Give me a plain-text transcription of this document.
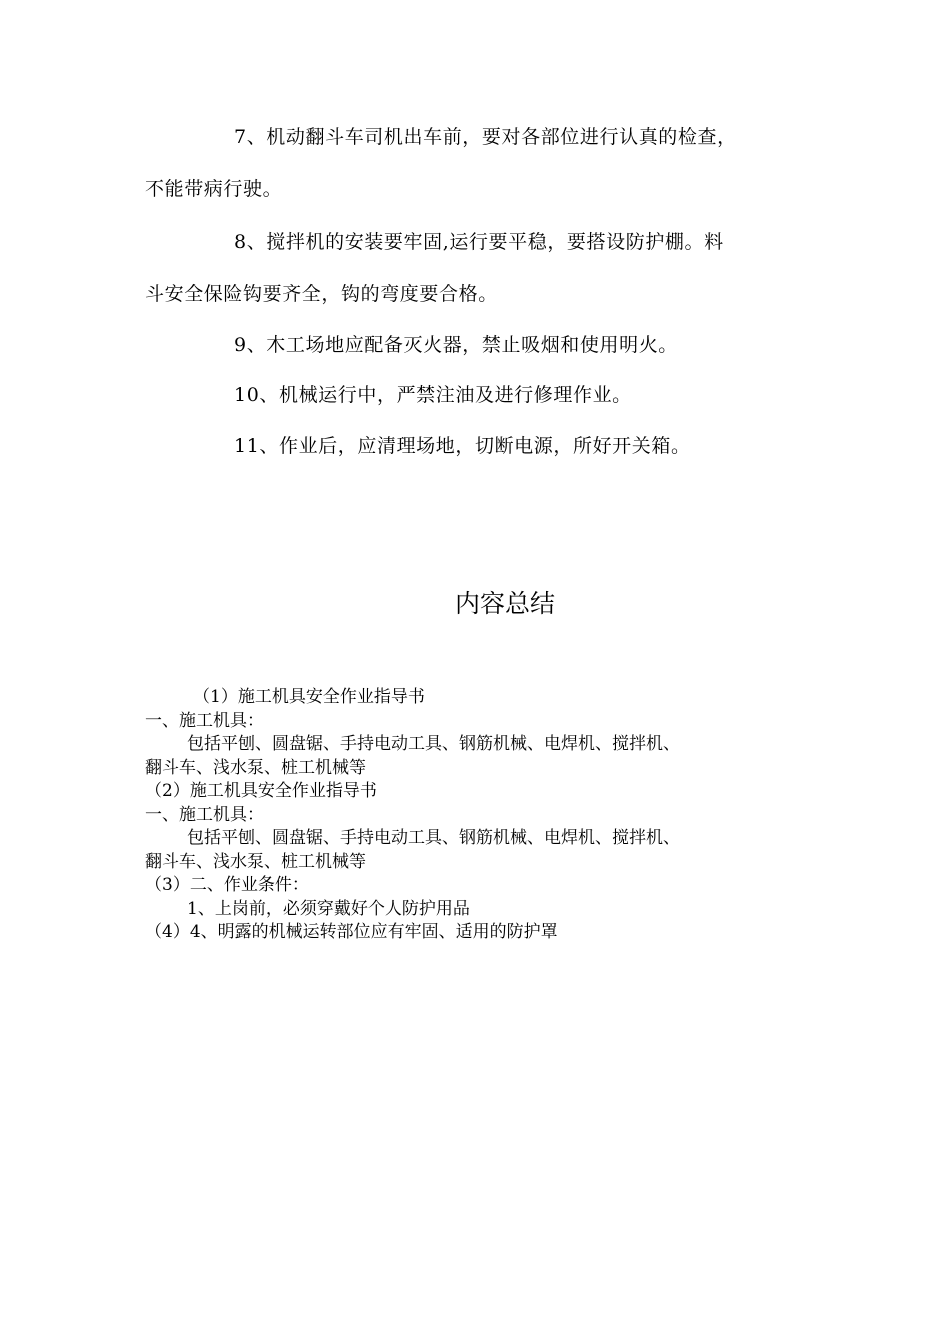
7、机动翻斗车司机出车前，要对各部位进行认真的检查，
不能带病行驶。
8、搅拌机的安装要牢固,运行要平稳，要搭设防护棚。料
斗安全保险钩要齐全，钩的弯度要合格。
9、木工场地应配备灭火器，禁止吸烟和使用明火。
10、机械运行中，严禁注油及进行修理作业。
11、作业后，应清理场地，切断电源，所好开关箱。
内容总结
（1）施工机具安全作业指导书
一、施工机具：
包括平刨、圆盘锯、手持电动工具、钢筋机械、电焊机、搅拌机、
翻斗车、浅水泵、桩工机械等
（2）施工机具安全作业指导书
一、施工机具：
包括平刨、圆盘锯、手持电动工具、钢筋机械、电焊机、搅拌机、
翻斗车、浅水泵、桩工机械等
（3）二、作业条件：
1、上岗前，必须穿戴好个人防护用品
（4）4、明露的机械运转部位应有牢固、适用的防护罩
